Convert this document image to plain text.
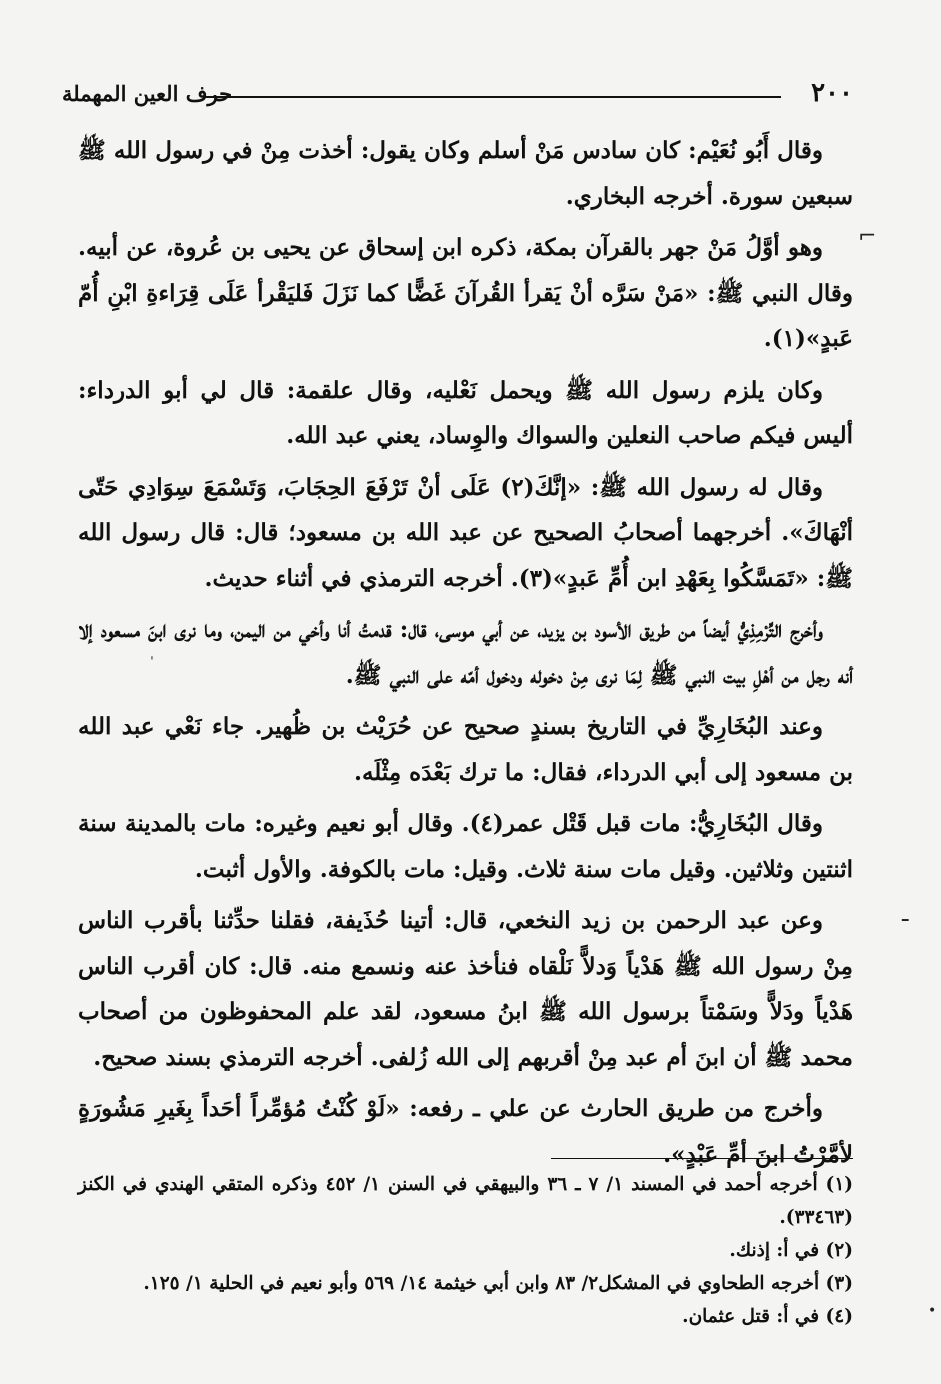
٢٠٠
حرف العين المهملة

وقال أَبُو نُعَيْم: كان سادس مَنْ أسلم وكان يقول: أخذت مِنْ في رسول الله ﷺ سبعين سورة. أخرجه البخاري.

وهو أوَّلُ مَنْ جهر بالقرآن بمكة، ذكره ابن إسحاق عن يحيى بن عُروة، عن أبيه. وقال النبي ﷺ: «مَنْ سَرَّه أنْ يَقرأ القُرآنَ غَضًّا كما نَزَلَ فَليَقْرأ عَلَى قِرَاءةِ ابْنِ أُمّ عَبدٍ»(١).

وكان يلزم رسول الله ﷺ ويحمل نَعْليه، وقال علقمة: قال لي أبو الدرداء: أليس فيكم صاحب النعلين والسواك والوِساد، يعني عبد الله.

وقال له رسول الله ﷺ: «إنَّكَ(٢) عَلَى أنْ تَرْفَعَ الحِجَابَ، وَتَسْمَعَ سِوَادِي حَتّى أنْهَاكَ». أخرجهما أصحابُ الصحيح عن عبد الله بن مسعود؛ قال: قال رسول الله ﷺ: «تَمَسَّكُوا بِعَهْدِ ابن أُمِّ عَبدٍ»(٣). أخرجه الترمذي في أثناء حديث.

وأخرج التِّرْمِذِيُّ أيضاً من طريق الأسود بن يزيد، عن أبي موسى، قال: قدمتُ أنا وأخي من اليمن، وما نرى ابنَ مسعود إلا أنه رجل من أهْلِ بيت النبي ﷺ لِمَا نرى مِنْ دخوله ودخول أمّه على النبي ﷺ.

وعند البُخَارِيِّ في التاريخ بسندٍ صحيح عن حُرَيْث بن ظُهير. جاء نَعْي عبد الله بن مسعود إلى أبي الدرداء، فقال: ما ترك بَعْدَه مِثْلَه.

وقال البُخَارِيُّ: مات قبل قَتْل عمر(٤). وقال أبو نعيم وغيره: مات بالمدينة سنة اثنتين وثلاثين. وقيل مات سنة ثلاث. وقيل: مات بالكوفة. والأول أثبت.

وعن عبد الرحمن بن زيد النخعي، قال: أتينا حُذَيفة، فقلنا حدِّثنا بأقرب الناس مِنْ رسول الله ﷺ هَدْياً وَدلاًّ نَلْقاه فنأخذ عنه ونسمع منه. قال: كان أقرب الناس هَدْياً ودَلاًّ وسَمْتاً برسول الله ﷺ ابنُ مسعود، لقد علم المحفوظون من أصحاب محمد ﷺ أن ابنَ أم عبد مِنْ أقربهم إلى الله زُلفى. أخرجه الترمذي بسند صحيح.

وأخرج من طريق الحارث عن علي ـ رفعه: «لَوْ كُنْتُ مُؤمِّراً أحَداً بِغَيرِ مَشُورَةٍ لأمَّرْتُ ابنَ أمِّ عَبْدٍ».

(١) أخرجه أحمد في المسند ١/ ٧ ـ ٣٦ والبيهقي في السنن ١/ ٤٥٢ وذكره المتقي الهندي في الكنز (٣٣٤٦٣).

(٢) في أ: إذنك.

(٣) أخرجه الطحاوي في المشكل٢/ ٨٣ وابن أبي خيثمة ١٤/ ٥٦٩ وأبو نعيم في الحلية ١/ ١٢٥.

(٤) في أ: قتل عثمان.

⌐
ـ
ˈ
•
